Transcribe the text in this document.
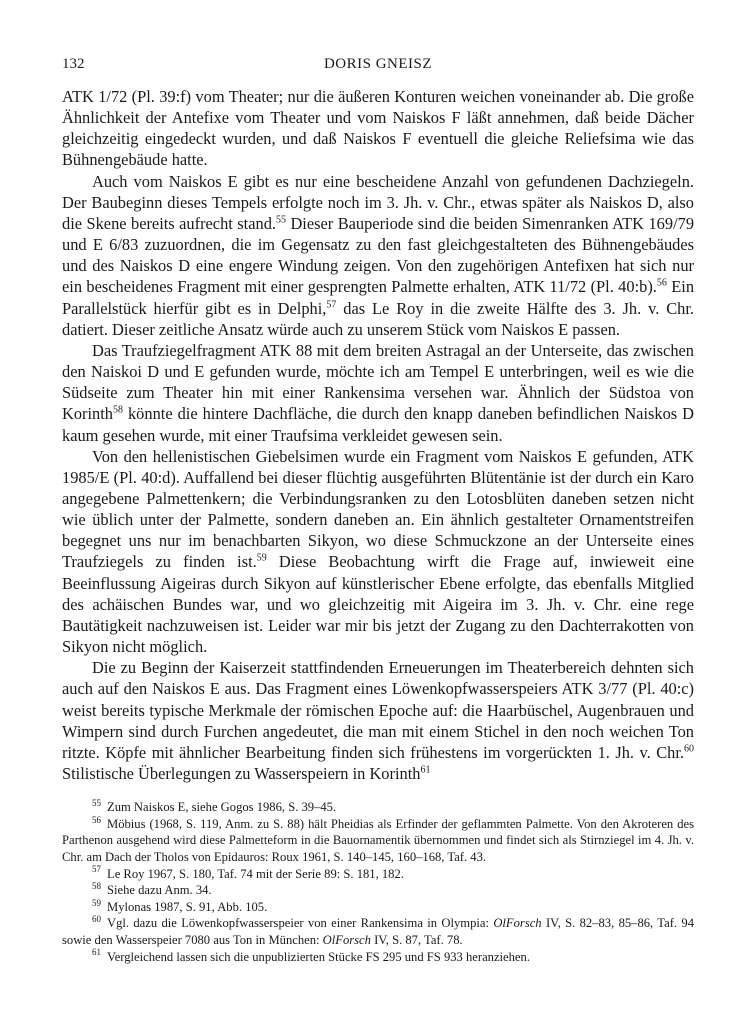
132	DORIS GNEISZ

ATK 1/72 (Pl. 39:f) vom Theater; nur die äußeren Konturen weichen voneinander ab. Die große Ähnlichkeit der Antefixe vom Theater und vom Naiskos F läßt annehmen, daß beide Dächer gleichzeitig eingedeckt wurden, und daß Naiskos F eventuell die gleiche Reliefsima wie das Bühnengebäude hatte.

Auch vom Naiskos E gibt es nur eine bescheidene Anzahl von gefundenen Dachziegeln. Der Baubeginn dieses Tempels erfolgte noch im 3. Jh. v. Chr., etwas später als Naiskos D, also die Skene bereits aufrecht stand.$^{55}$ Dieser Bauperiode sind die beiden Simenranken ATK 169/79 und E 6/83 zuzuordnen, die im Gegensatz zu den fast gleichgestalteten des Bühnengebäudes und des Naiskos D eine engere Windung zeigen. Von den zugehörigen Antefixen hat sich nur ein bescheidenes Fragment mit einer gesprengten Palmette erhalten, ATK 11/72 (Pl. 40:b).$^{56}$ Ein Parallelstück hierfür gibt es in Delphi,$^{57}$ das Le Roy in die zweite Hälfte des 3. Jh. v. Chr. datiert. Dieser zeitliche Ansatz würde auch zu unserem Stück vom Naiskos E passen.

Das Traufziegelfragment ATK 88 mit dem breiten Astragal an der Unterseite, das zwischen den Naiskoi D und E gefunden wurde, möchte ich am Tempel E unterbringen, weil es wie die Südseite zum Theater hin mit einer Rankensima versehen war. Ähnlich der Südstoa von Korinth$^{58}$ könnte die hintere Dachfläche, die durch den knapp daneben befindlichen Naiskos D kaum gesehen wurde, mit einer Traufsima verkleidet gewesen sein.

Von den hellenistischen Giebelsimen wurde ein Fragment vom Naiskos E gefunden, ATK 1985/E (Pl. 40:d). Auffallend bei dieser flüchtig ausgeführten Blütentänie ist der durch ein Karo angegebene Palmettenkern; die Verbindungsranken zu den Lotosblüten daneben setzen nicht wie üblich unter der Palmette, sondern daneben an. Ein ähnlich gestalteter Ornamentstreifen begegnet uns nur im benachbarten Sikyon, wo diese Schmuckzone an der Unterseite eines Traufziegels zu finden ist.$^{59}$ Diese Beobachtung wirft die Frage auf, inwieweit eine Beeinflussung Aigeiras durch Sikyon auf künstlerischer Ebene erfolgte, das ebenfalls Mitglied des achäischen Bundes war, und wo gleichzeitig mit Aigeira im 3. Jh. v. Chr. eine rege Bautätigkeit nachzuweisen ist. Leider war mir bis jetzt der Zugang zu den Dachterrakotten von Sikyon nicht möglich.

Die zu Beginn der Kaiserzeit stattfindenden Erneuerungen im Theaterbereich dehnten sich auch auf den Naiskos E aus. Das Fragment eines Löwenkopfwasserspeiers ATK 3/77 (Pl. 40:c) weist bereits typische Merkmale der römischen Epoche auf: die Haarbüschel, Augenbrauen und Wimpern sind durch Furchen angedeutet, die man mit einem Stichel in den noch weichen Ton ritzte. Köpfe mit ähnlicher Bearbeitung finden sich frühestens im vorgerückten 1. Jh. v. Chr.$^{60}$ Stilistische Überlegungen zu Wasserspeiern in Korinth$^{61}$

$^{55}$ Zum Naiskos E, siehe Gogos 1986, S. 39–45.
$^{56}$ Möbius (1968, S. 119, Anm. zu S. 88) hält Pheidias als Erfinder der geflammten Palmette. Von den Akroteren des Parthenon ausgehend wird diese Palmetteform in die Bauornamentik übernommen und findet sich als Stirnziegel im 4. Jh. v. Chr. am Dach der Tholos von Epidauros: Roux 1961, S. 140–145, 160–168, Taf. 43.
$^{57}$ Le Roy 1967, S. 180, Taf. 74 mit der Serie 89: S. 181, 182.
$^{58}$ Siehe dazu Anm. 34.
$^{59}$ Mylonas 1987, S. 91, Abb. 105.
$^{60}$ Vgl. dazu die Löwenkopfwasserspeier von einer Rankensima in Olympia: OlForsch IV, S. 82–83, 85–86, Taf. 94 sowie den Wasserspeier 7080 aus Ton in München: OlForsch IV, S. 87, Taf. 78.
$^{61}$ Vergleichend lassen sich die unpublizierten Stücke FS 295 und FS 933 heranziehen.
